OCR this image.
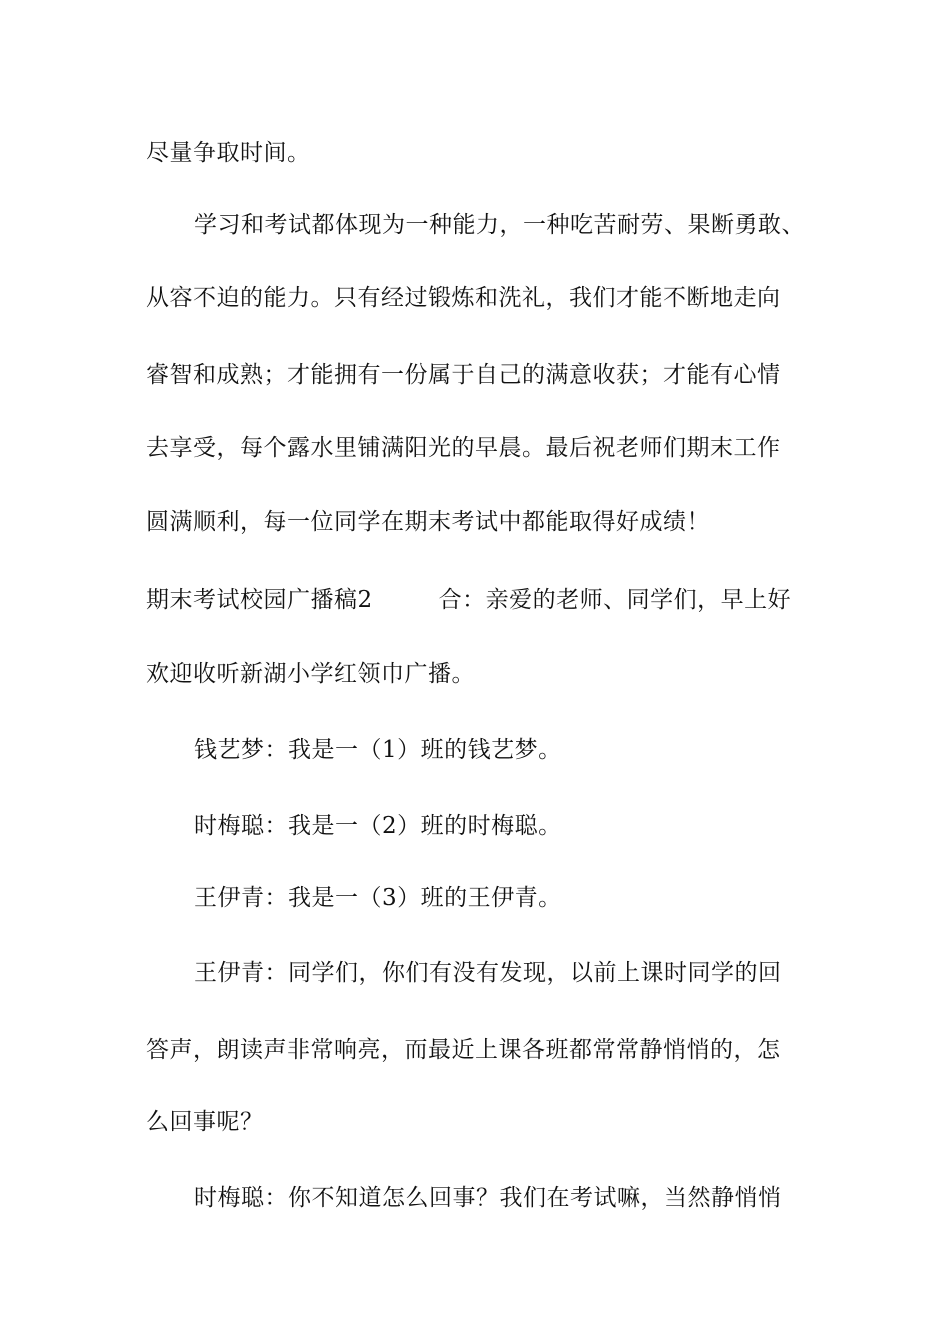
尽量争取时间。
学习和考试都体现为一种能力，一种吃苦耐劳、果断勇敢、
从容不迫的能力。只有经过锻炼和洗礼，我们才能不断地走向
睿智和成熟；才能拥有一份属于自己的满意收获；才能有心情
去享受，每个露水里铺满阳光的早晨。最后祝老师们期末工作
圆满顺利，每一位同学在期末考试中都能取得好成绩！
期末考试校园广播稿2	合：亲爱的老师、同学们，早上好
欢迎收听新湖小学红领巾广播。
钱艺梦：我是一（1）班的钱艺梦。
时梅聪：我是一（2）班的时梅聪。
王伊青：我是一（3）班的王伊青。
王伊青：同学们，你们有没有发现，以前上课时同学的回
答声，朗读声非常响亮，而最近上课各班都常常静悄悄的，怎
么回事呢？
时梅聪：你不知道怎么回事？我们在考试嘛，当然静悄悄
